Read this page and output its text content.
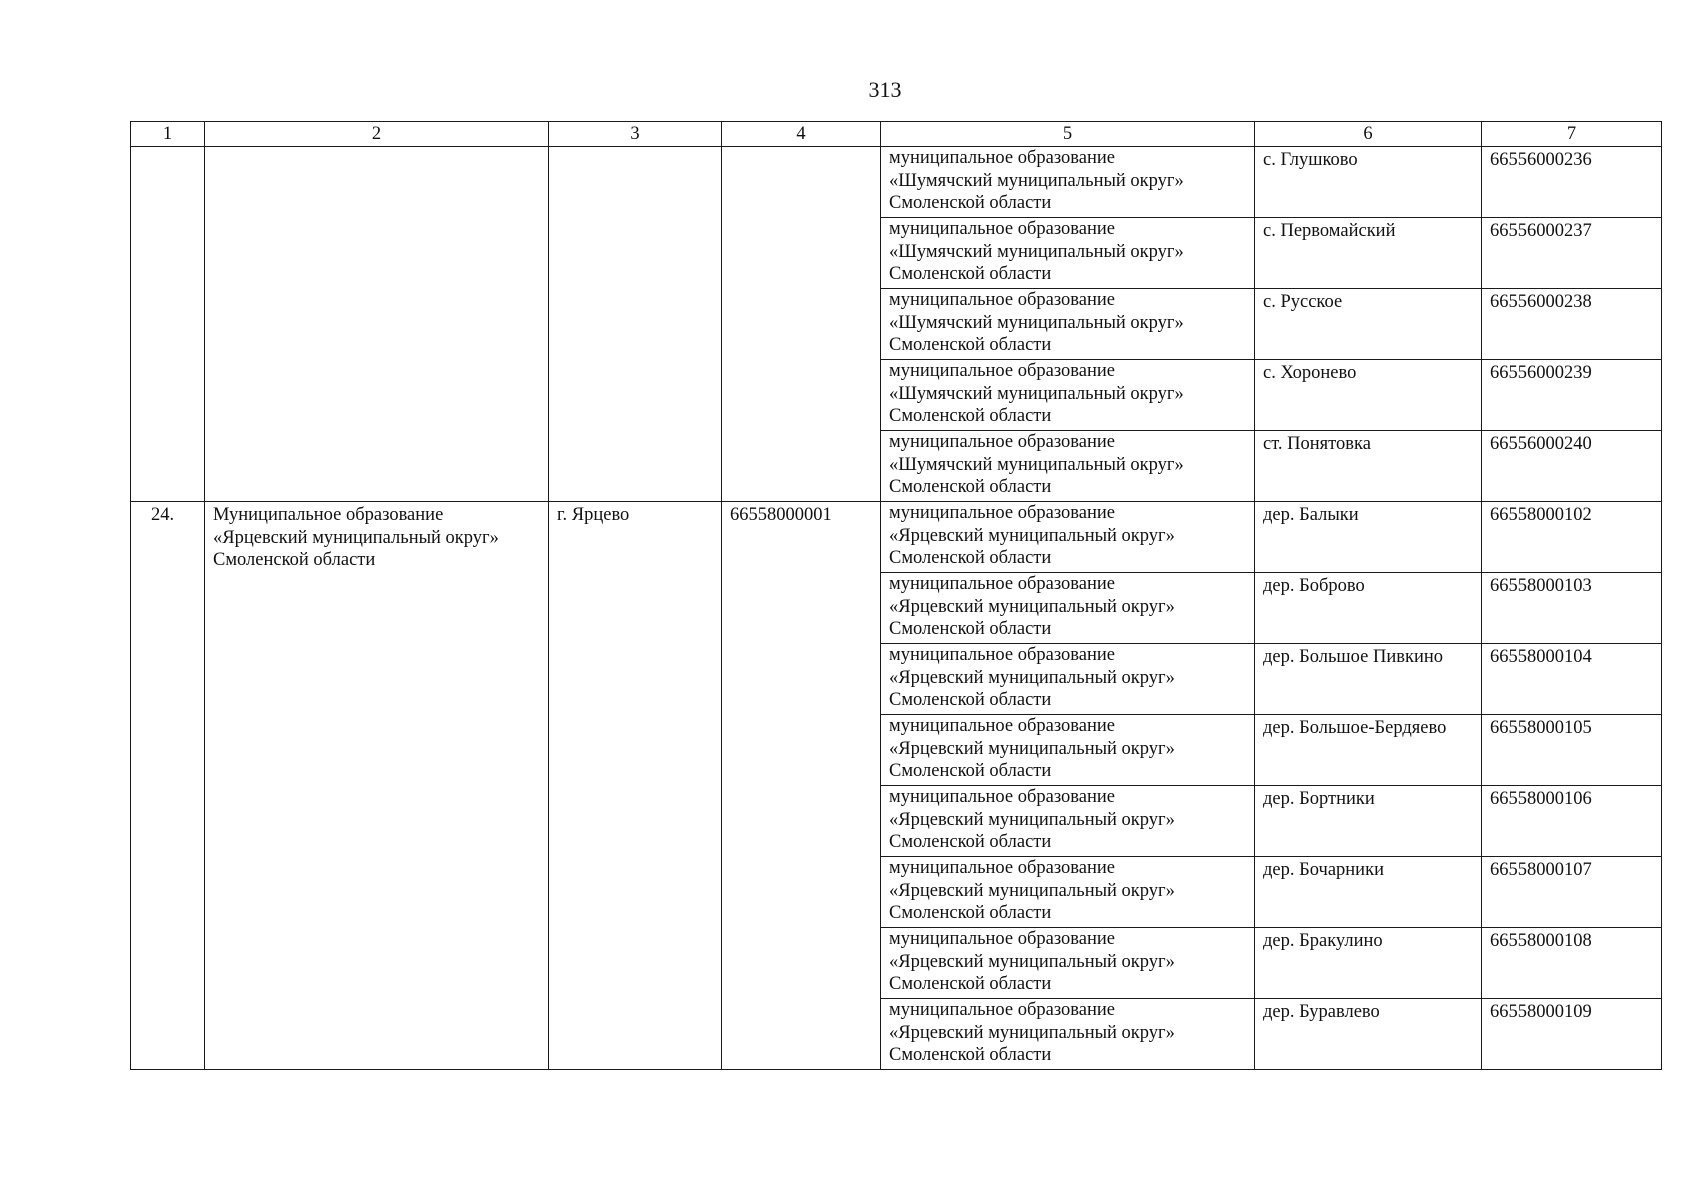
313
1	2	3	4	5	6	7

				муниципальное образование
«Шумячский муниципальный округ»
Смоленской области	с. Глушково	66556000236

				муниципальное образование
«Шумячский муниципальный округ»
Смоленской области	с. Первомайский	66556000237

				муниципальное образование
«Шумячский муниципальный округ»
Смоленской области	с. Русское	66556000238

				муниципальное образование
«Шумячский муниципальный округ»
Смоленской области	с. Хоронево	66556000239

				муниципальное образование
«Шумячский муниципальный округ»
Смоленской области	ст. Понятовка	66556000240
24.	Муниципальное образование
«Ярцевский муниципальный округ»
Смоленской области	г. Ярцево	66558000001	муниципальное образование
«Ярцевский муниципальный округ»
Смоленской области	дер. Балыки	66558000102

				муниципальное образование
«Ярцевский муниципальный округ»
Смоленской области	дер. Боброво	66558000103

				муниципальное образование
«Ярцевский муниципальный округ»
Смоленской области	дер. Большое Пивкино	66558000104

				муниципальное образование
«Ярцевский муниципальный округ»
Смоленской области	дер. Большое-Бердяево	66558000105

				муниципальное образование
«Ярцевский муниципальный округ»
Смоленской области	дер. Бортники	66558000106

				муниципальное образование
«Ярцевский муниципальный округ»
Смоленской области	дер. Бочарники	66558000107

				муниципальное образование
«Ярцевский муниципальный округ»
Смоленской области	дер. Бракулино	66558000108

				муниципальное образование
«Ярцевский муниципальный округ»
Смоленской области	дер. Буравлево	66558000109
